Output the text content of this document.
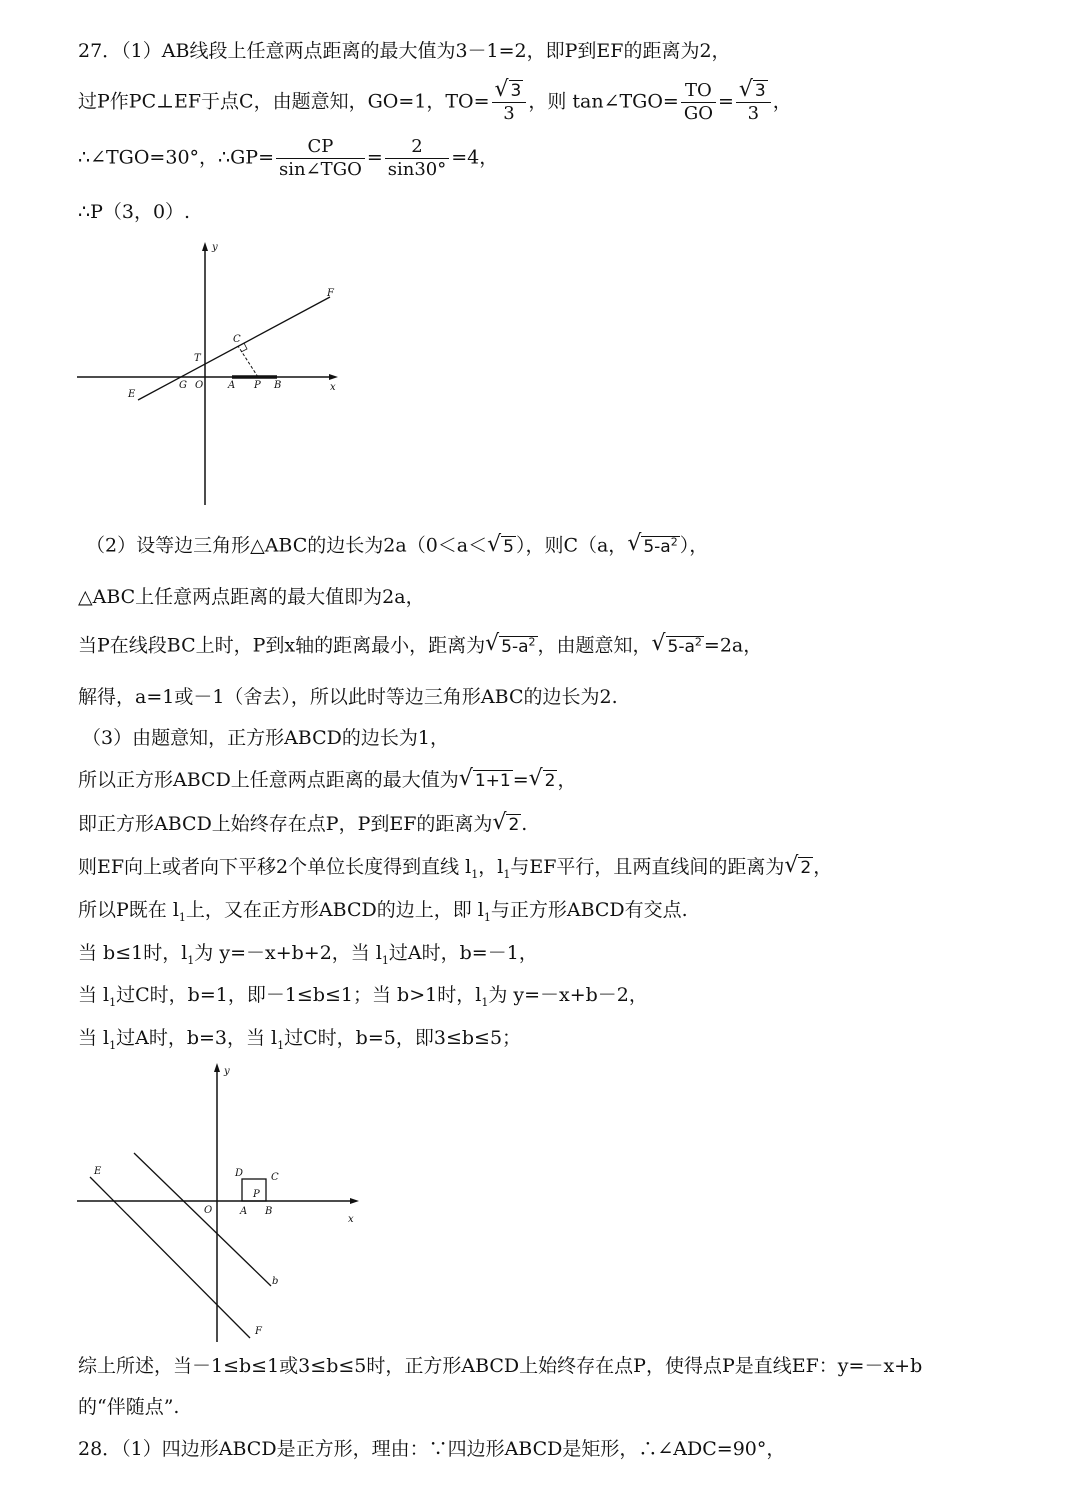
27．（1）AB线段上任意两点距离的最大值为3－1=2，即P到EF的距离为2，
过P作PC⊥EF于点C，由题意知，GO=1，TO= √ $\frac{3}{3}$ ，则 tan∠TGO= $\frac{TO}{GO}$ = √ $\frac{3}{3}$ ，
∴∠TGO=30°，∴GP= $\frac{CP}{\text{sin∠TGO}} = \frac{2}{\sin 30^\circ} =4$，
∴P（3，0）.
y
x
F
C
T
E
G O A P B
（2）设等边三角形△ABC的边长为2a（0＜a＜ √ 5 ），则C（a， √ $5-a^2$ ），
△ABC上任意两点距离的最大值即为2a，
当P在线段BC上时，P到x轴的距离最小，距离为 √ $5-a^2$ ，由题意知， √ $5-a^2 =2a$，
解得，a=1或－1（舍去），所以此时等边三角形ABC的边长为2.
（3）由题意知，正方形ABCD的边长为1，
所以正方形ABCD上任意两点距离的最大值为 √ 1+1 = √ 2 ，
即正方形ABCD上始终存在点P，P到EF的距离为 √ 2 .
则EF向上或者向下平移2个单位长度得到直线 $l_1$，$l_1$与EF平行，且两直线间的距离为 √ 2 ，
所以P既在 $l_1$上，又在正方形ABCD的边上，即 $l_1$与正方形ABCD有交点.
当 b≤1时，$l_1$为 y=－x+b+2，当 $l_1$过A时，b=－1，
当 $l_1$过C时，b=1，即－1≤b≤1；当 b>1时，$l_1$为 y=－x+b－2，
当 $l_1$过A时，b=3，当 $l_1$过C时，b=5，即3≤b≤5；
y
x
E	D	C
P
O	A B
b
F
综上所述，当－1≤b≤1或3≤b≤5时，正方形ABCD上始终存在点P，使得点P是直线EF：y=－x+b
的“伴随点”.
28．（1）四边形ABCD是正方形，理由：∵四边形ABCD是矩形，∴∠ADC=90°，
